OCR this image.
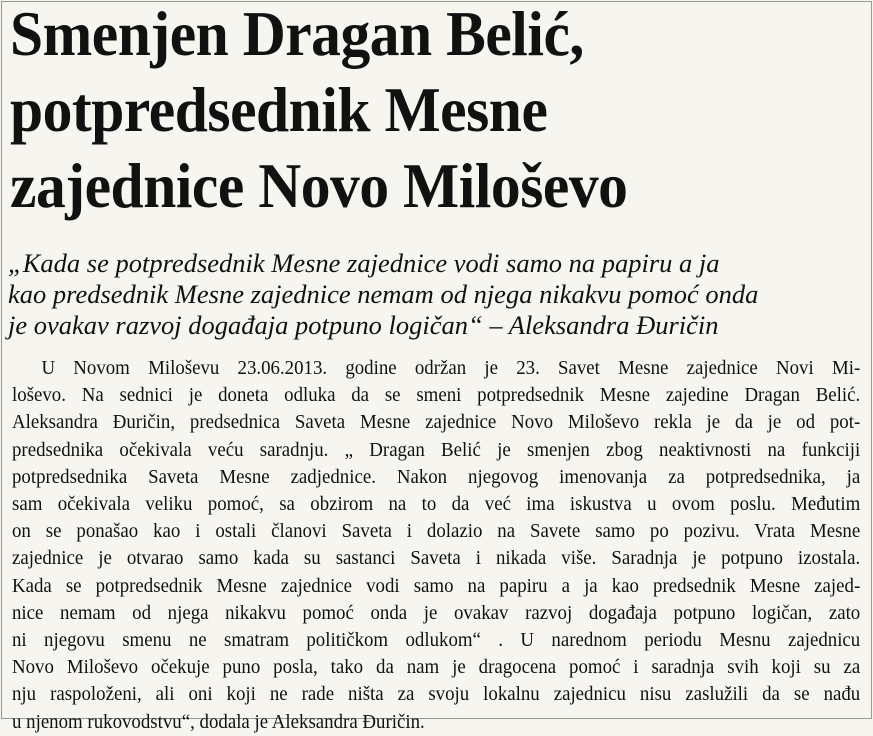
Smenjen Dragan Belić,
potpredsednik Mesne
zajednice Novo Miloševo
„Kada se potpredsednik Mesne zajednice vodi samo na papiru a ja
kao predsednik Mesne zajednice nemam od njega nikakvu pomoć onda
je ovakav razvoj događaja potpuno logičan“ – Aleksandra Đuričin
U Novom Miloševu 23.06.2013. godine održan je 23. Savet Mesne zajednice Novi Mi-
loševo. Na sednici je doneta odluka da se smeni potpredsednik Mesne zajedine Dragan Belić.
Aleksandra Đuričin, predsednica Saveta Mesne zajednice Novo Miloševo rekla je da je od pot-
predsednika očekivala veću saradnju. „ Dragan Belić je smenjen zbog neaktivnosti na funkciji
potpredsednika Saveta Mesne zadjednice. Nakon njegovog imenovanja za potpredsednika, ja
sam očekivala veliku pomoć, sa obzirom na to da već ima iskustva u ovom poslu. Međutim
on se ponašao kao i ostali članovi Saveta i dolazio na Savete samo po pozivu. Vrata Mesne
zajednice je otvarao samo kada su sastanci Saveta i nikada više. Saradnja je potpuno izostala.
Kada se potpredsednik Mesne zajednice vodi samo na papiru a ja kao predsednik Mesne zajed-
nice nemam od njega nikakvu pomoć onda je ovakav razvoj događaja potpuno logičan, zato
ni njegovu smenu ne smatram političkom odlukom“ . U narednom periodu Mesnu zajednicu
Novo Miloševo očekuje puno posla, tako da nam je dragocena pomoć i saradnja svih koji su za
nju raspoloženi, ali oni koji ne rade ništa za svoju lokalnu zajednicu nisu zaslužili da se nađu
u njenom rukovodstvu“, dodala je Aleksandra Đuričin.
